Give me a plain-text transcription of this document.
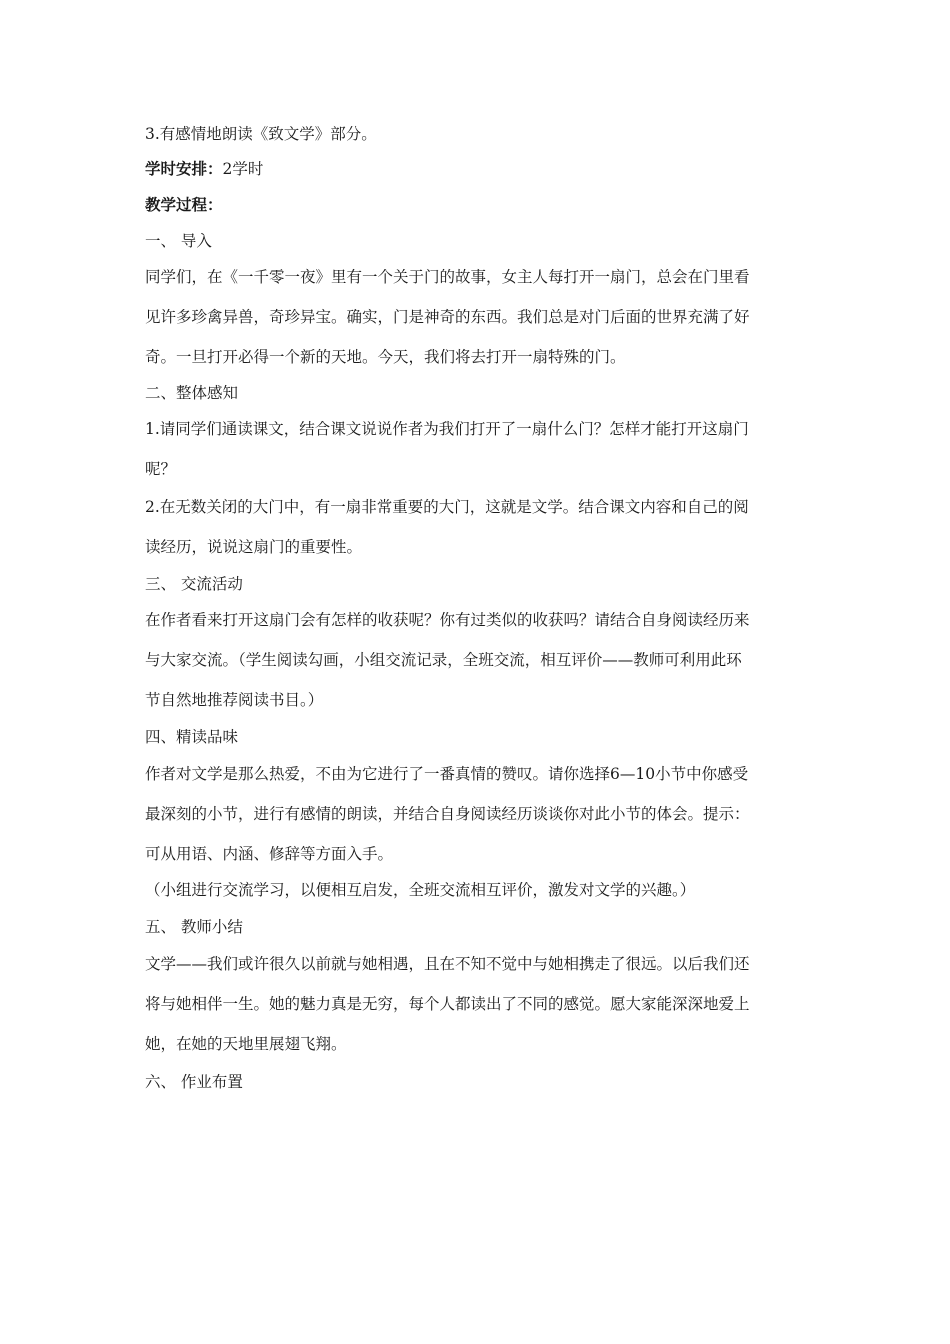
3.有感情地朗读《致文学》部分。
学时安排：2学时
教学过程：
一、 导入
同学们，在《一千零一夜》里有一个关于门的故事，女主人每打开一扇门，总会在门里看
见许多珍禽异兽，奇珍异宝。确实，门是神奇的东西。我们总是对门后面的世界充满了好
奇。一旦打开必得一个新的天地。今天，我们将去打开一扇特殊的门。
二、整体感知
1.请同学们通读课文，结合课文说说作者为我们打开了一扇什么门？怎样才能打开这扇门
呢？
2.在无数关闭的大门中，有一扇非常重要的大门，这就是文学。结合课文内容和自己的阅
读经历，说说这扇门的重要性。
三、 交流活动
在作者看来打开这扇门会有怎样的收获呢？你有过类似的收获吗？请结合自身阅读经历来
与大家交流。（学生阅读勾画，小组交流记录，全班交流，相互评价——教师可利用此环
节自然地推荐阅读书目。）
四、精读品味
作者对文学是那么热爱，不由为它进行了一番真情的赞叹。请你选择6—10小节中你感受
最深刻的小节，进行有感情的朗读，并结合自身阅读经历谈谈你对此小节的体会。提示：
可从用语、内涵、修辞等方面入手。
（小组进行交流学习，以便相互启发，全班交流相互评价，激发对文学的兴趣。）
五、 教师小结
文学——我们或许很久以前就与她相遇，且在不知不觉中与她相携走了很远。以后我们还
将与她相伴一生。她的魅力真是无穷，每个人都读出了不同的感觉。愿大家能深深地爱上
她，在她的天地里展翅飞翔。
六、 作业布置
